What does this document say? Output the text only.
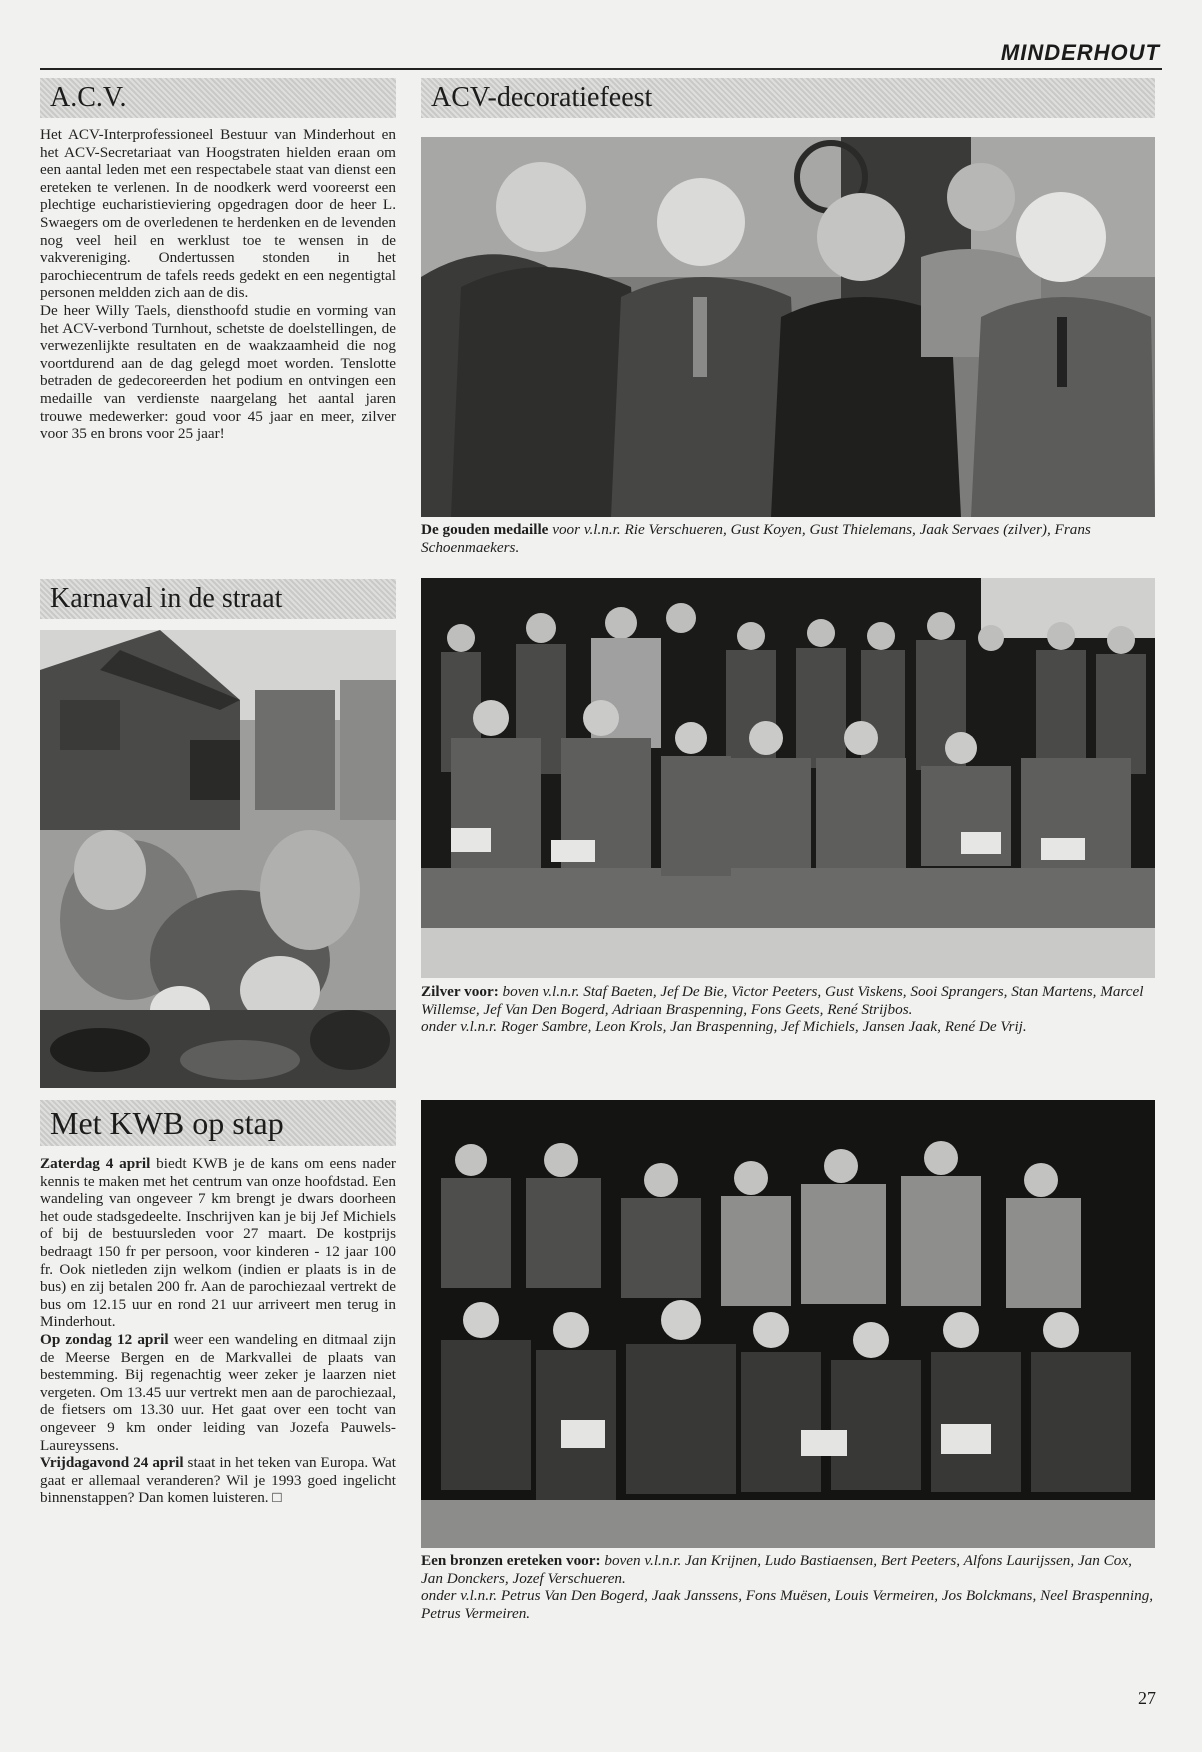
MINDERHOUT
A.C.V.

Het ACV-Interprofessioneel Bestuur van Minderhout en het ACV-Secretariaat van Hoogstraten hielden eraan om een aantal leden met een respectabele staat van dienst een ereteken te verlenen. In de noodkerk werd vooreerst een plechtige eucharistieviering opgedragen door de heer L. Swaegers om de overledenen te herdenken en de levenden nog veel heil en werklust toe te wensen in de vakvereniging. Ondertussen stonden in het parochiecentrum de tafels reeds gedekt en een negentigtal personen meldden zich aan de dis.

De heer Willy Taels, diensthoofd studie en vorming van het ACV-verbond Turnhout, schetste de doelstellingen, de verwezenlijkte resultaten en de waakzaamheid die nog voortdurend aan de dag gelegd moet worden. Tenslotte betraden de gedecoreerden het podium en ontvingen een medaille van verdienste naargelang het aantal jaren trouwe medewerker: goud voor 45 jaar en meer, zilver voor 35 en brons voor 25 jaar!

Karnaval in de straat
Met KWB op stap

Zaterdag 4 april biedt KWB je de kans om eens nader kennis te maken met het centrum van onze hoofdstad. Een wandeling van ongeveer 7 km brengt je dwars doorheen het oude stadsgedeelte. Inschrijven kan je bij Jef Michiels of bij de bestuursleden voor 27 maart. De kostprijs bedraagt 150 fr per persoon, voor kinderen - 12 jaar 100 fr. Ook nietleden zijn welkom (indien er plaats is in de bus) en zij betalen 200 fr. Aan de parochiezaal vertrekt de bus om 12.15 uur en rond 21 uur arriveert men terug in Minderhout.

Op zondag 12 april weer een wandeling en ditmaal zijn de Meerse Bergen en de Markvallei de plaats van bestemming. Bij regenachtig weer zeker je laarzen niet vergeten. Om 13.45 uur vertrekt men aan de parochiezaal, de fietsers om 13.30 uur. Het gaat over een tocht van ongeveer 9 km onder leiding van Jozefa Pauwels-Laureyssens.

Vrijdagavond 24 april staat in het teken van Europa. Wat gaat er allemaal veranderen? Wil je 1993 goed ingelicht binnenstappen? Dan komen luisteren. □

ACV-decoratiefeest
De gouden medaille voor v.l.n.r. Rie Verschueren, Gust Koyen, Gust Thielemans, Jaak Servaes (zilver), Frans Schoenmaekers.
Zilver voor: boven v.l.n.r. Staf Baeten, Jef De Bie, Victor Peeters, Gust Viskens, Sooi Sprangers, Stan Martens, Marcel Willemse, Jef Van Den Bogerd, Adriaan Braspenning, Fons Geets, René Strijbos.
onder v.l.n.r. Roger Sambre, Leon Krols, Jan Braspenning, Jef Michiels, Jansen Jaak, René De Vrij.
Een bronzen ereteken voor: boven v.l.n.r. Jan Krijnen, Ludo Bastiaensen, Bert Peeters, Alfons Laurijssen, Jan Cox, Jan Donckers, Jozef Verschueren.
onder v.l.n.r. Petrus Van Den Bogerd, Jaak Janssens, Fons Muësen, Louis Vermeiren, Jos Bolckmans, Neel Braspenning, Petrus Vermeiren.
27
